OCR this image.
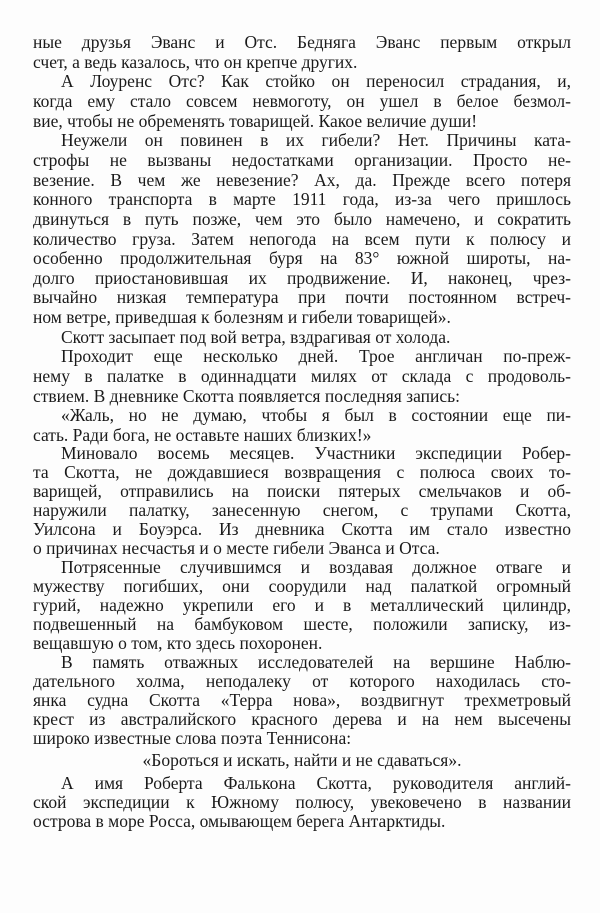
ные друзья Эванс и Отс. Бедняга Эванс первым открыл
счет, а ведь казалось, что он крепче других.
А Лоуренс Отс? Как стойко он переносил страдания, и,
когда ему стало совсем невмоготу, он ушел в белое безмол-
вие, чтобы не обременять товарищей. Какое величие души!
Неужели он повинен в их гибели? Нет. Причины ката-
строфы не вызваны недостатками организации. Просто не-
везение. В чем же невезение? Ах, да. Прежде всего потеря
конного транспорта в марте 1911 года, из-за чего пришлось
двинуться в путь позже, чем это было намечено, и сократить
количество груза. Затем непогода на всем пути к полюсу и
особенно продолжительная буря на 83° южной широты, на-
долго приостановившая их продвижение. И, наконец, чрез-
вычайно низкая температура при почти постоянном встреч-
ном ветре, приведшая к болезням и гибели товарищей».
Скотт засыпает под вой ветра, вздрагивая от холода.
Проходит еще несколько дней. Трое англичан по-преж-
нему в палатке в одиннадцати милях от склада с продоволь-
ствием. В дневнике Скотта появляется последняя запись:
«Жаль, но не думаю, чтобы я был в состоянии еще пи-
сать. Ради бога, не оставьте наших близких!»
Миновало восемь месяцев. Участники экспедиции Робер-
та Скотта, не дождавшиеся возвращения с полюса своих то-
варищей, отправились на поиски пятерых смельчаков и об-
наружили палатку, занесенную снегом, с трупами Скотта,
Уилсона и Боуэрса. Из дневника Скотта им стало известно
о причинах несчастья и о месте гибели Эванса и Отса.
Потрясенные случившимся и воздавая должное отваге и
мужеству погибших, они соорудили над палаткой огромный
гурий, надежно укрепили его и в металлический цилиндр,
подвешенный на бамбуковом шесте, положили записку, из-
вещавшую о том, кто здесь похоронен.
В память отважных исследователей на вершине Наблю-
дательного холма, неподалеку от которого находилась сто-
янка судна Скотта «Терра нова», воздвигнут трехметровый
крест из австралийского красного дерева и на нем высечены
широко известные слова поэта Теннисона:
«Бороться и искать, найти и не сдаваться».
А имя Роберта Фалькона Скотта, руководителя англий-
ской экспедиции к Южному полюсу, увековечено в названии
острова в море Росса, омывающем берега Антарктиды.
